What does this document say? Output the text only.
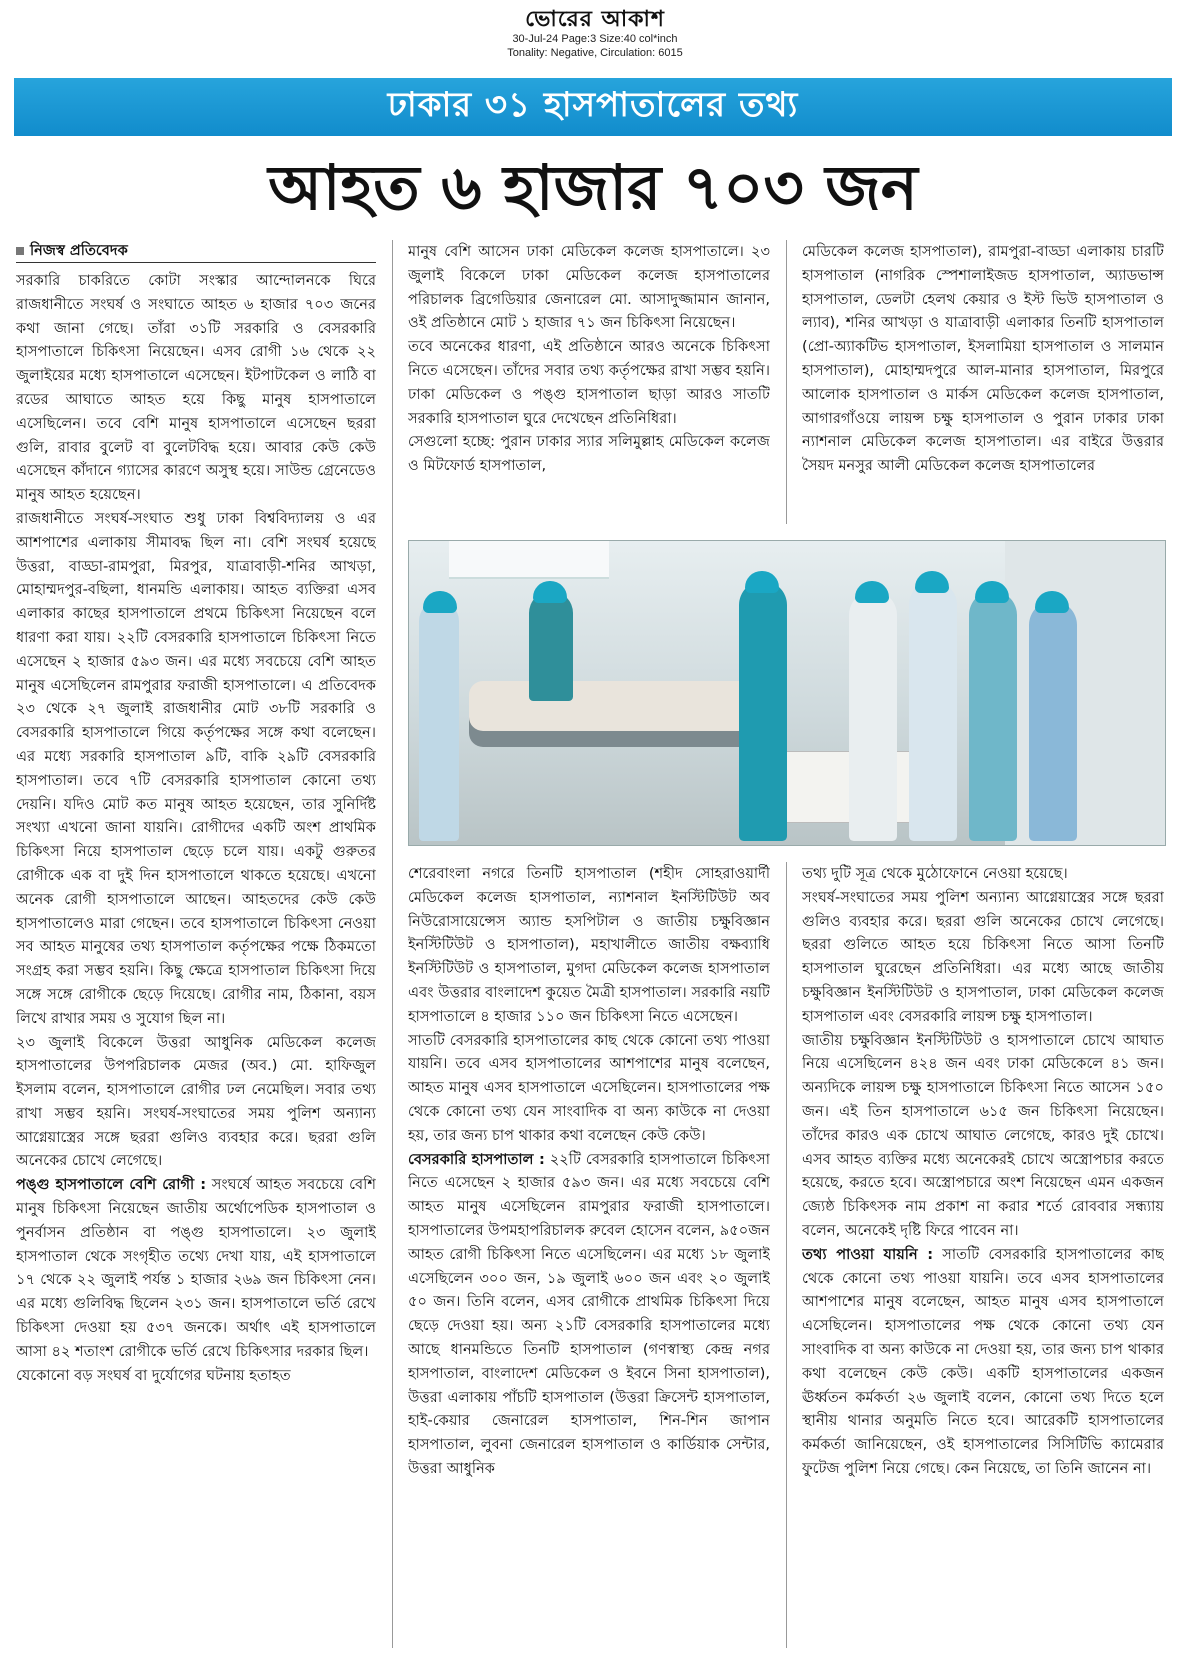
ভোরের আকাশ
30-Jul-24 Page:3 Size:40 col*inch
Tonality: Negative, Circulation: 6015
ঢাকার ৩১ হাসপাতালের তথ্য
আহত ৬ হাজার ৭০৩ জন
নিজস্ব প্রতিবেদক

সরকারি চাকরিতে কোটা সংস্কার আন্দোলনকে ঘিরে রাজধানীতে সংঘর্ষ ও সংঘাতে আহত ৬ হাজার ৭০৩ জনের কথা জানা গেছে। তাঁরা ৩১টি সরকারি ও বেসরকারি হাসপাতালে চিকিৎসা নিয়েছেন। এসব রোগী ১৬ থেকে ২২ জুলাইয়ের মধ্যে হাসপাতালে এসেছেন। ইটপাটকেল ও লাঠি বা রডের আঘাতে আহত হয়ে কিছু মানুষ হাসপাতালে এসেছিলেন। তবে বেশি মানুষ হাসপাতালে এসেছেন ছররা গুলি, রাবার বুলেট বা বুলেটবিদ্ধ হয়ে। আবার কেউ কেউ এসেছেন কাঁদানে গ্যাসের কারণে অসুস্থ হয়ে। সাউন্ড গ্রেনেডেও মানুষ আহত হয়েছেন।

রাজধানীতে সংঘর্ষ-সংঘাত শুধু ঢাকা বিশ্ববিদ্যালয় ও এর আশপাশের এলাকায় সীমাবদ্ধ ছিল না। বেশি সংঘর্ষ হয়েছে উত্তরা, বাড্ডা-রামপুরা, মিরপুর, যাত্রাবাড়ী-শনির আখড়া, মোহাম্মদপুর-বছিলা, ধানমন্ডি এলাকায়। আহত ব্যক্তিরা এসব এলাকার কাছের হাসপাতালে প্রথমে চিকিৎসা নিয়েছেন বলে ধারণা করা যায়। ২২টি বেসরকারি হাসপাতালে চিকিৎসা নিতে এসেছেন ২ হাজার ৫৯৩ জন। এর মধ্যে সবচেয়ে বেশি আহত মানুষ এসেছিলেন রামপুরার ফরাজী হাসপাতালে। এ প্রতিবেদক ২৩ থেকে ২৭ জুলাই রাজধানীর মোট ৩৮টি সরকারি ও বেসরকারি হাসপাতালে গিয়ে কর্তৃপক্ষের সঙ্গে কথা বলেছেন। এর মধ্যে সরকারি হাসপাতাল ৯টি, বাকি ২৯টি বেসরকারি হাসপাতাল। তবে ৭টি বেসরকারি হাসপাতাল কোনো তথ্য দেয়নি। যদিও মোট কত মানুষ আহত হয়েছেন, তার সুনির্দিষ্ট সংখ্যা এখনো জানা যায়নি। রোগীদের একটি অংশ প্রাথমিক চিকিৎসা নিয়ে হাসপাতাল ছেড়ে চলে যায়। একটু গুরুতর রোগীকে এক বা দুই দিন হাসপাতালে থাকতে হয়েছে। এখনো অনেক রোগী হাসপাতালে আছেন। আহতদের কেউ কেউ হাসপাতালেও মারা গেছেন। তবে হাসপাতালে চিকিৎসা নেওয়া সব আহত মানুষের তথ্য হাসপাতাল কর্তৃপক্ষের পক্ষে ঠিকমতো সংগ্রহ করা সম্ভব হয়নি। কিছু ক্ষেত্রে হাসপাতাল চিকিৎসা দিয়ে সঙ্গে সঙ্গে রোগীকে ছেড়ে দিয়েছে। রোগীর নাম, ঠিকানা, বয়স লিখে রাখার সময় ও সুযোগ ছিল না।

২৩ জুলাই বিকেলে উত্তরা আধুনিক মেডিকেল কলেজ হাসপাতালের উপপরিচালক মেজর (অব.) মো. হাফিজুল ইসলাম বলেন, হাসপাতালে রোগীর ঢল নেমেছিল। সবার তথ্য রাখা সম্ভব হয়নি। সংঘর্ষ-সংঘাতের সময় পুলিশ অন্যান্য আগ্নেয়াস্ত্রের সঙ্গে ছররা গুলিও ব্যবহার করে। ছররা গুলি অনেকের চোখে লেগেছে।

পঙ্গু হাসপাতালে বেশি রোগী : সংঘর্ষে আহত সবচেয়ে বেশি মানুষ চিকিৎসা নিয়েছেন জাতীয় অর্থোপেডিক হাসপাতাল ও পুনর্বাসন প্রতিষ্ঠান বা পঙ্গু হাসপাতালে। ২৩ জুলাই হাসপাতাল থেকে সংগৃহীত তথ্যে দেখা যায়, এই হাসপাতালে ১৭ থেকে ২২ জুলাই পর্যন্ত ১ হাজার ২৬৯ জন চিকিৎসা নেন। এর মধ্যে গুলিবিদ্ধ ছিলেন ২৩১ জন। হাসপাতালে ভর্তি রেখে চিকিৎসা দেওয়া হয় ৫৩৭ জনকে। অর্থাৎ এই হাসপাতালে আসা ৪২ শতাংশ রোগীকে ভর্তি রেখে চিকিৎসার দরকার ছিল।

যেকোনো বড় সংঘর্ষ বা দুর্যোগের ঘটনায় হতাহত

মানুষ বেশি আসেন ঢাকা মেডিকেল কলেজ হাসপাতালে। ২৩ জুলাই বিকেলে ঢাকা মেডিকেল কলেজ হাসপাতালের পরিচালক ব্রিগেডিয়ার জেনারেল মো. আসাদুজ্জামান জানান, ওই প্রতিষ্ঠানে মোট ১ হাজার ৭১ জন চিকিৎসা নিয়েছেন।

তবে অনেকের ধারণা, এই প্রতিষ্ঠানে আরও অনেকে চিকিৎসা নিতে এসেছেন। তাঁদের সবার তথ্য কর্তৃপক্ষের রাখা সম্ভব হয়নি। ঢাকা মেডিকেল ও পঙ্গু হাসপাতাল ছাড়া আরও সাতটি সরকারি হাসপাতাল ঘুরে দেখেছেন প্রতিনিধিরা।

সেগুলো হচ্ছে: পুরান ঢাকার স্যার সলিমুল্লাহ মেডিকেল কলেজ ও মিটফোর্ড হাসপাতাল,

মেডিকেল কলেজ হাসপাতাল), রামপুরা-বাড্ডা এলাকায় চারটি হাসপাতাল (নাগরিক স্পেশালাইজড হাসপাতাল, অ্যাডভান্স হাসপাতাল, ডেলটা হেলথ কেয়ার ও ইস্ট ভিউ হাসপাতাল ও ল্যাব), শনির আখড়া ও যাত্রাবাড়ী এলাকার তিনটি হাসপাতাল (প্রো-অ্যাকটিভ হাসপাতাল, ইসলামিয়া হাসপাতাল ও সালমান হাসপাতাল), মোহাম্মদপুরে আল-মানার হাসপাতাল, মিরপুরে আলোক হাসপাতাল ও মার্কস মেডিকেল কলেজ হাসপাতাল, আগারগাঁওয়ে লায়ন্স চক্ষু হাসপাতাল ও পুরান ঢাকার ঢাকা ন্যাশনাল মেডিকেল কলেজ হাসপাতাল। এর বাইরে উত্তরার সৈয়দ মনসুর আলী মেডিকেল কলেজ হাসপাতালের

শেরেবাংলা নগরে তিনটি হাসপাতাল (শহীদ সোহরাওয়ার্দী মেডিকেল কলেজ হাসপাতাল, ন্যাশনাল ইনস্টিটিউট অব নিউরোসায়েন্সেস অ্যান্ড হসপিটাল ও জাতীয় চক্ষুবিজ্ঞান ইনস্টিটিউট ও হাসপাতাল), মহাখালীতে জাতীয় বক্ষব্যাধি ইনস্টিটিউট ও হাসপাতাল, মুগদা মেডিকেল কলেজ হাসপাতাল এবং উত্তরার বাংলাদেশ কুয়েত মৈত্রী হাসপাতাল। সরকারি নয়টি হাসপাতালে ৪ হাজার ১১০ জন চিকিৎসা নিতে এসেছেন।

সাতটি বেসরকারি হাসপাতালের কাছ থেকে কোনো তথ্য পাওয়া যায়নি। তবে এসব হাসপাতালের আশপাশের মানুষ বলেছেন, আহত মানুষ এসব হাসপাতালে এসেছিলেন। হাসপাতালের পক্ষ থেকে কোনো তথ্য যেন সাংবাদিক বা অন্য কাউকে না দেওয়া হয়, তার জন্য চাপ থাকার কথা বলেছেন কেউ কেউ।

বেসরকারি হাসপাতাল : ২২টি বেসরকারি হাসপাতালে চিকিৎসা নিতে এসেছেন ২ হাজার ৫৯৩ জন। এর মধ্যে সবচেয়ে বেশি আহত মানুষ এসেছিলেন রামপুরার ফরাজী হাসপাতালে। হাসপাতালের উপমহাপরিচালক রুবেল হোসেন বলেন, ৯৫০জন আহত রোগী চিকিৎসা নিতে এসেছিলেন। এর মধ্যে ১৮ জুলাই এসেছিলেন ৩০০ জন, ১৯ জুলাই ৬০০ জন এবং ২০ জুলাই ৫০ জন। তিনি বলেন, এসব রোগীকে প্রাথমিক চিকিৎসা দিয়ে ছেড়ে দেওয়া হয়। অন্য ২১টি বেসরকারি হাসপাতালের মধ্যে আছে ধানমন্ডিতে তিনটি হাসপাতাল (গণস্বাস্থ্য কেন্দ্র নগর হাসপাতাল, বাংলাদেশ মেডিকেল ও ইবনে সিনা হাসপাতাল), উত্তরা এলাকায় পাঁচটি হাসপাতাল (উত্তরা ক্রিসেন্ট হাসপাতাল, হাই-কেয়ার জেনারেল হাসপাতাল, শিন-শিন জাপান হাসপাতাল, লুবনা জেনারেল হাসপাতাল ও কার্ডিয়াক সেন্টার, উত্তরা আধুনিক

তথ্য দুটি সূত্র থেকে মুঠোফোনে নেওয়া হয়েছে।

সংঘর্ষ-সংঘাতের সময় পুলিশ অন্যান্য আগ্নেয়াস্ত্রের সঙ্গে ছররা গুলিও ব্যবহার করে। ছররা গুলি অনেকের চোখে লেগেছে। ছররা গুলিতে আহত হয়ে চিকিৎসা নিতে আসা তিনটি হাসপাতাল ঘুরেছেন প্রতিনিধিরা। এর মধ্যে আছে জাতীয় চক্ষুবিজ্ঞান ইনস্টিটিউট ও হাসপাতাল, ঢাকা মেডিকেল কলেজ হাসপাতাল এবং বেসরকারি লায়ন্স চক্ষু হাসপাতাল।

জাতীয় চক্ষুবিজ্ঞান ইনস্টিটিউট ও হাসপাতালে চোখে আঘাত নিয়ে এসেছিলেন ৪২৪ জন এবং ঢাকা মেডিকেলে ৪১ জন। অন্যদিকে লায়ন্স চক্ষু হাসপাতালে চিকিৎসা নিতে আসেন ১৫০ জন। এই তিন হাসপাতালে ৬১৫ জন চিকিৎসা নিয়েছেন। তাঁদের কারও এক চোখে আঘাত লেগেছে, কারও দুই চোখে। এসব আহত ব্যক্তির মধ্যে অনেকেরই চোখে অস্ত্রোপচার করতে হয়েছে, করতে হবে। অস্ত্রোপচারে অংশ নিয়েছেন এমন একজন জ্যেষ্ঠ চিকিৎসক নাম প্রকাশ না করার শর্তে রোববার সন্ধ্যায় বলেন, অনেকেই দৃষ্টি ফিরে পাবেন না।

তথ্য পাওয়া যায়নি : সাতটি বেসরকারি হাসপাতালের কাছ থেকে কোনো তথ্য পাওয়া যায়নি। তবে এসব হাসপাতালের আশপাশের মানুষ বলেছেন, আহত মানুষ এসব হাসপাতালে এসেছিলেন। হাসপাতালের পক্ষ থেকে কোনো তথ্য যেন সাংবাদিক বা অন্য কাউকে না দেওয়া হয়, তার জন্য চাপ থাকার কথা বলেছেন কেউ কেউ। একটি হাসপাতালের একজন ঊর্ধ্বতন কর্মকর্তা ২৬ জুলাই বলেন, কোনো তথ্য দিতে হলে স্থানীয় থানার অনুমতি নিতে হবে। আরেকটি হাসপাতালের কর্মকর্তা জানিয়েছেন, ওই হাসপাতালের সিসিটিভি ক্যামেরার ফুটেজ পুলিশ নিয়ে গেছে। কেন নিয়েছে, তা তিনি জানেন না।
